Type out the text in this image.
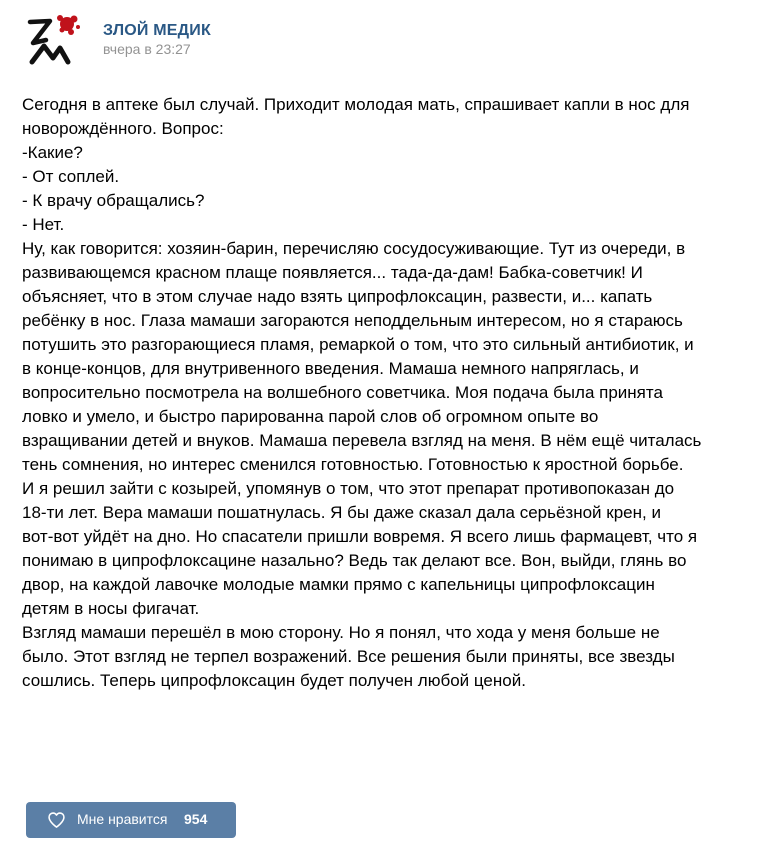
ЗЛОЙ МЕДИК
вчера в 23:27
Сегодня в аптеке был случай. Приходит молодая мать, спрашивает капли в нос для
новорождённого. Вопрос:
-Какие?
- От соплей.
- К врачу обращались?
- Нет.
Ну, как говорится: хозяин-барин, перечисляю сосудосуживающие. Тут из очереди, в
развивающемся красном плаще появляется... тада-да-дам! Бабка-советчик! И
объясняет, что в этом случае надо взять ципрофлоксацин, развести, и... капать
ребёнку в нос. Глаза мамаши загораются неподдельным интересом, но я стараюсь
потушить это разгорающиеся пламя, ремаркой о том, что это сильный антибиотик, и
в конце-концов, для внутривенного введения. Мамаша немного напряглась, и
вопросительно посмотрела на волшебного советчика. Моя подача была принята
ловко и умело, и быстро парированна парой слов об огромном опыте во
взращивании детей и внуков. Мамаша перевела взгляд на меня. В нём ещё читалась
тень сомнения, но интерес сменился готовностью. Готовностью к яростной борьбе.
И я решил зайти с козырей, упомянув о том, что этот препарат противопоказан до
18-ти лет. Вера мамаши пошатнулась. Я бы даже сказал дала серьёзной крен, и
вот-вот уйдёт на дно. Но спасатели пришли вовремя. Я всего лишь фармацевт, что я
понимаю в ципрофлоксацине назально? Ведь так делают все. Вон, выйди, глянь во
двор, на каждой лавочке молодые мамки прямо с капельницы ципрофлоксацин
детям в носы фигачат.
Взгляд мамаши перешёл в мою сторону. Но я понял, что хода у меня больше не
было. Этот взгляд не терпел возражений. Все решения были приняты, все звезды
сошлись. Теперь ципрофлоксацин будет получен любой ценой.
Мне нравится 954
